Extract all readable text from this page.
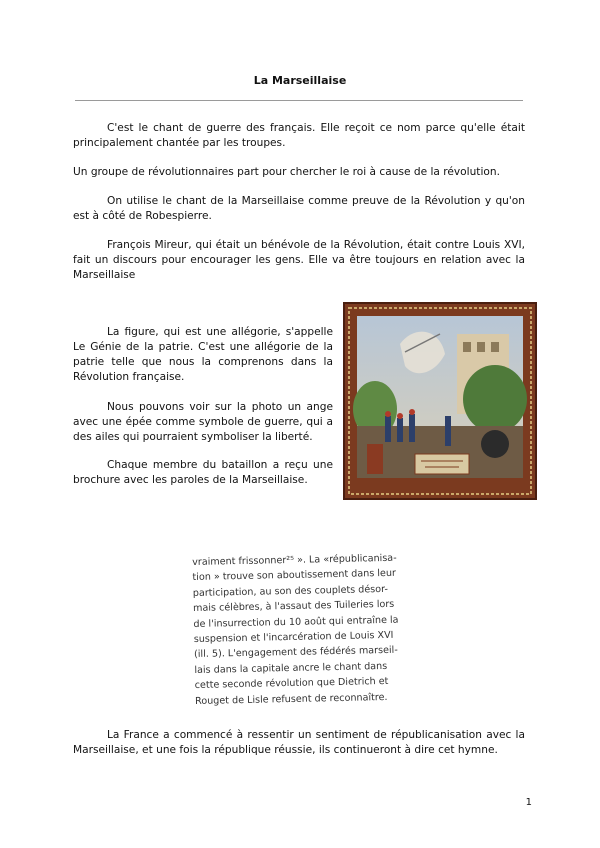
La Marseillaise

C'est le chant de guerre des français. Elle reçoit ce nom parce qu'elle était principalement chantée par les troupes.

Un groupe de révolutionnaires part pour chercher le roi à cause de la révolution.

On utilise le chant de la Marseillaise comme preuve de la Révolution y qu'on est à côté de Robespierre.

François Mireur, qui était un bénévole de la Révolution, était contre Louis XVI, fait un discours pour encourager les gens. Elle va être toujours en relation avec la Marseillaise

La figure, qui est une allégorie, s'appelle Le Génie de la patrie. C'est une allégorie de la patrie telle que nous la comprenons dans la Révolution française.

Nous pouvons voir sur la photo un ange avec une épée comme symbole de guerre, qui a des ailes qui pourraient symboliser la liberté.

Chaque membre du bataillon a reçu une brochure avec les paroles de la Marseillaise.

vraiment frissonner²⁵ ». La «républicanisa-
tion » trouve son aboutissement dans leur
participation, au son des couplets désor-
mais célèbres, à l'assaut des Tuileries lors
de l'insurrection du 10 août qui entraîne la
suspension et l'incarcération de Louis XVI
(ill. 5). L'engagement des fédérés marseil-
lais dans la capitale ancre le chant dans
cette seconde révolution que Dietrich et
Rouget de Lisle refusent de reconnaître.

La France a commencé à ressentir un sentiment de républicanisation avec la Marseillaise, et une fois la république réussie, ils continueront à dire cet hymne.

1
